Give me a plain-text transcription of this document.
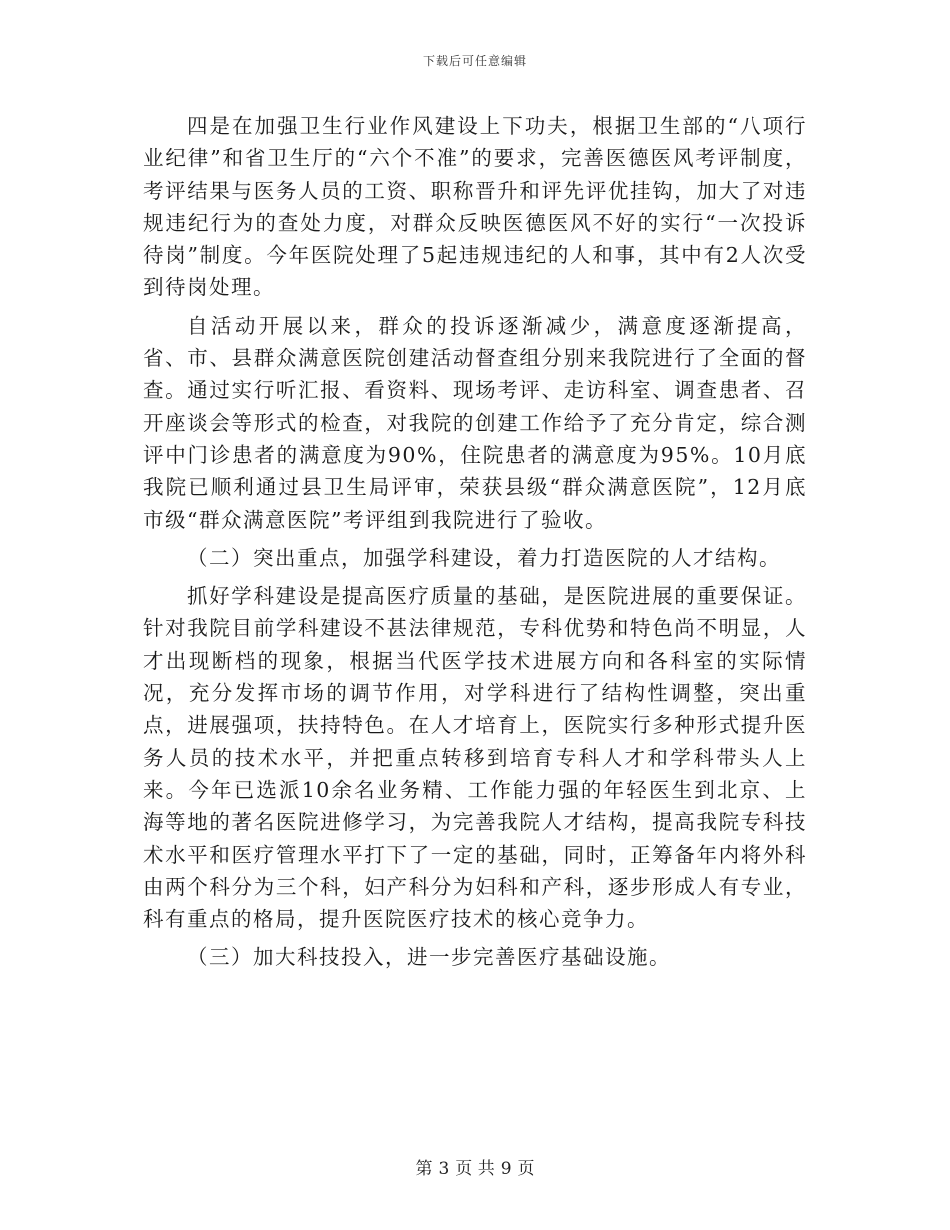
下载后可任意编辑

四是在加强卫生行业作风建设上下功夫，根据卫生部的“八项行业纪律”和省卫生厅的“六个不准”的要求，完善医德医风考评制度，考评结果与医务人员的工资、职称晋升和评先评优挂钩，加大了对违规违纪行为的查处力度，对群众反映医德医风不好的实行“一次投诉待岗”制度。今年医院处理了5起违规违纪的人和事，其中有2人次受到待岗处理。

自活动开展以来，群众的投诉逐渐减少，满意度逐渐提高， 省、市、县群众满意医院创建活动督查组分别来我院进行了全面的督查。通过实行听汇报、看资料、现场考评、走访科室、调查患者、召开座谈会等形式的检查，对我院的创建工作给予了充分肯定，综合测评中门诊患者的满意度为90%，住院患者的满意度为95%。10月底我院已顺利通过县卫生局评审，荣获县级“群众满意医院”，12月底市级“群众满意医院”考评组到我院进行了验收。

（二）突出重点，加强学科建设，着力打造医院的人才结构。

抓好学科建设是提高医疗质量的基础，是医院进展的重要保证。针对我院目前学科建设不甚法律规范，专科优势和特色尚不明显，人才出现断档的现象，根据当代医学技术进展方向和各科室的实际情况，充分发挥市场的调节作用，对学科进行了结构性调整，突出重点，进展强项，扶持特色。在人才培育上，医院实行多种形式提升医务人员的技术水平，并把重点转移到培育专科人才和学科带头人上来。今年已选派10余名业务精、工作能力强的年轻医生到北京、上海等地的著名医院进修学习，为完善我院人才结构，提高我院专科技术水平和医疗管理水平打下了一定的基础，同时，正筹备年内将外科由两个科分为三个科，妇产科分为妇科和产科，逐步形成人有专业，科有重点的格局，提升医院医疗技术的核心竞争力。

（三）加大科技投入，进一步完善医疗基础设施。

第 3 页 共 9 页
